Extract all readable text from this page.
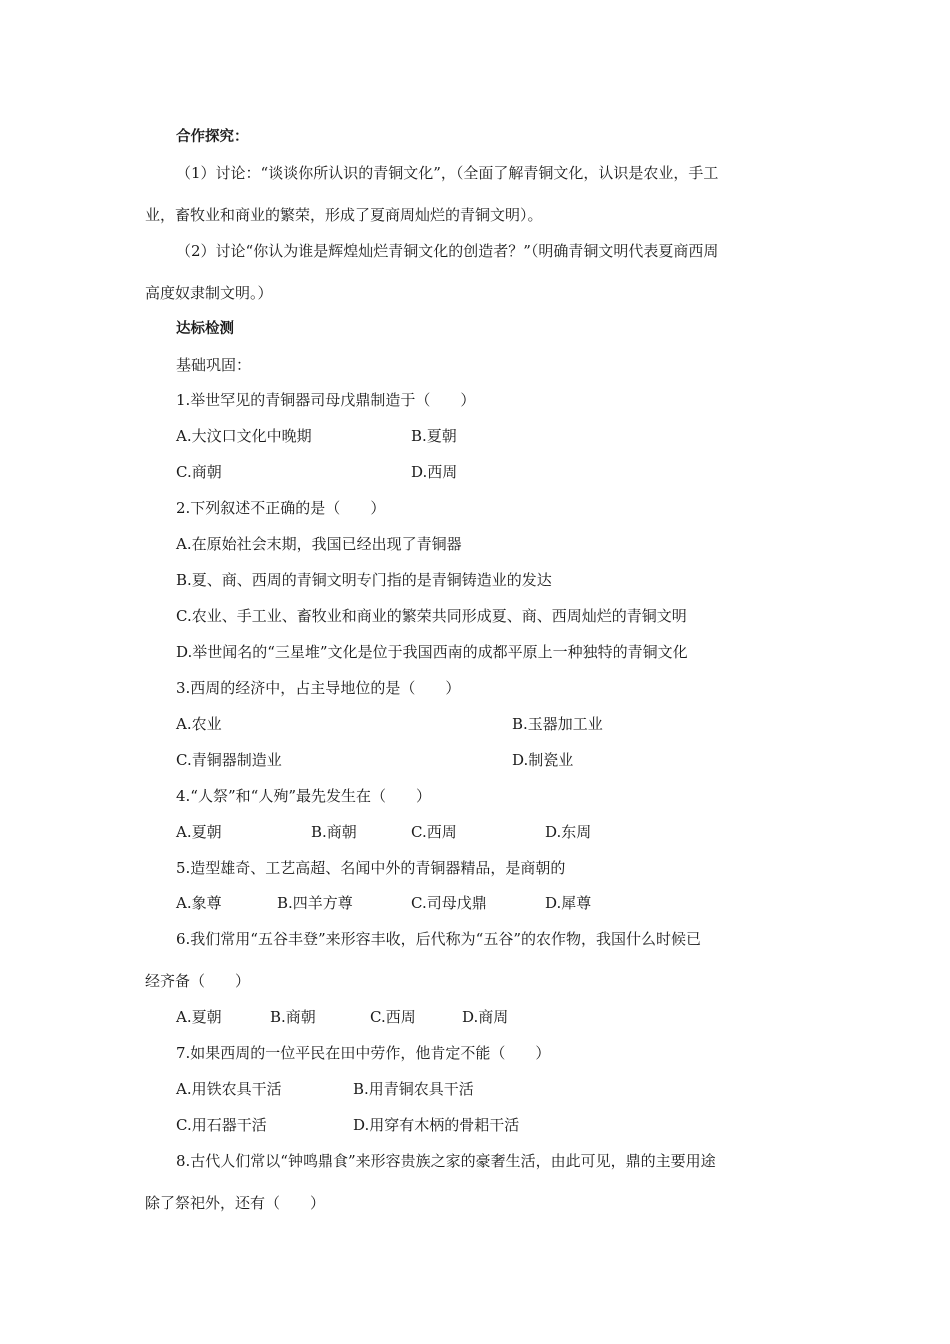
合作探究：
（1）讨论：“谈谈你所认识的青铜文化”，（全面了解青铜文化，认识是农业，手工
业，畜牧业和商业的繁荣，形成了夏商周灿烂的青铜文明）。
（2）讨论“你认为谁是辉煌灿烂青铜文化的创造者？”（明确青铜文明代表夏商西周
高度奴隶制文明。）
达标检测
基础巩固：
1.举世罕见的青铜器司母戊鼎制造于（　　）
A.大汶口文化中晚期	B.夏朝
C.商朝	D.西周
2.下列叙述不正确的是（　　）
A.在原始社会末期，我国已经出现了青铜器
B.夏、商、西周的青铜文明专门指的是青铜铸造业的发达
C.农业、手工业、畜牧业和商业的繁荣共同形成夏、商、西周灿烂的青铜文明
D.举世闻名的“三星堆”文化是位于我国西南的成都平原上一种独特的青铜文化
3.西周的经济中，占主导地位的是（　　）
A.农业	B.玉器加工业
C.青铜器制造业	D.制瓷业
4.“人祭”和“人殉”最先发生在（　　）
A.夏朝	B.商朝	C.西周	D.东周
5.造型雄奇、工艺高超、名闻中外的青铜器精品，是商朝的
A.象尊	B.四羊方尊	C.司母戊鼎	D.犀尊
6.我们常用“五谷丰登”来形容丰收，后代称为“五谷”的农作物，我国什么时候已
经齐备（　　）
A.夏朝	B.商朝	C.西周	D.商周
7.如果西周的一位平民在田中劳作，他肯定不能（　　）
A.用铁农具干活	B.用青铜农具干活
C.用石器干活	D.用穿有木柄的骨耜干活
8.古代人们常以“钟鸣鼎食”来形容贵族之家的豪奢生活，由此可见，鼎的主要用途
除了祭祀外，还有（　　）
